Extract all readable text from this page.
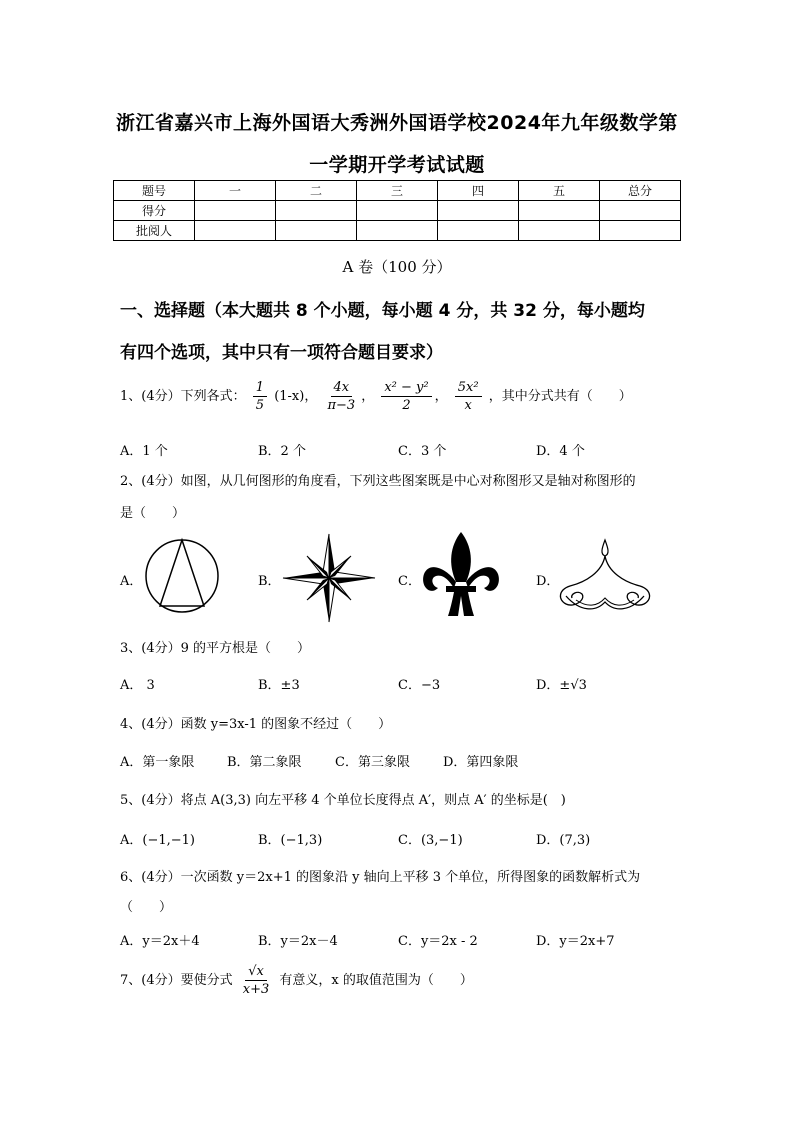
浙江省嘉兴市上海外国语大秀洲外国语学校2024年九年级数学第
一学期开学考试试题
题号	一	二	三	四	五	总分
得分						
批阅人						
A 卷（100 分）
一、选择题（本大题共 8 个小题，每小题 4 分，共 32 分，每小题均
有四个选项，其中只有一项符合题目要求）
1、(4分）下列各式： $\frac{1}{5} (1-x)$， $\frac{4x}{\pi-3}$ ， $\frac{\text{x² − y²}}{2}$ ， $\frac{\text{5x²}}{x}$ ，其中分式共有（　　）
A．1 个	B．2 个	C．3 个	D．4 个
2、(4分）如图，从几何图形的角度看，下列这些图案既是中心对称图形又是轴对称图形的
是（　　）
A．	B．	C．	D．
3、(4分）9 的平方根是（　　）
A． 3	B．±3	C．−3	D．±√3
4、(4分）函数 y=3x-1 的图象不经过（　　）
A．第一象限	B．第二象限	C．第三象限	D．第四象限
5、(4分）将点 A(3,3) 向左平移 4 个单位长度得点 A′，则点 A′ 的坐标是(　)
A．(−1,−1)	B．(−1,3)	C．(3,−1)	D．(7,3)
6、(4分）一次函数 y＝2x+1 的图象沿 y 轴向上平移 3 个单位，所得图象的函数解析式为
（　　）
A．y＝2x＋4	B．y＝2x－4	C．y＝2x - 2	D．y＝2x+7
7、(4分）要使分式 $\frac{√x}{x+3}$ 有意义，x 的取值范围为（　　）
